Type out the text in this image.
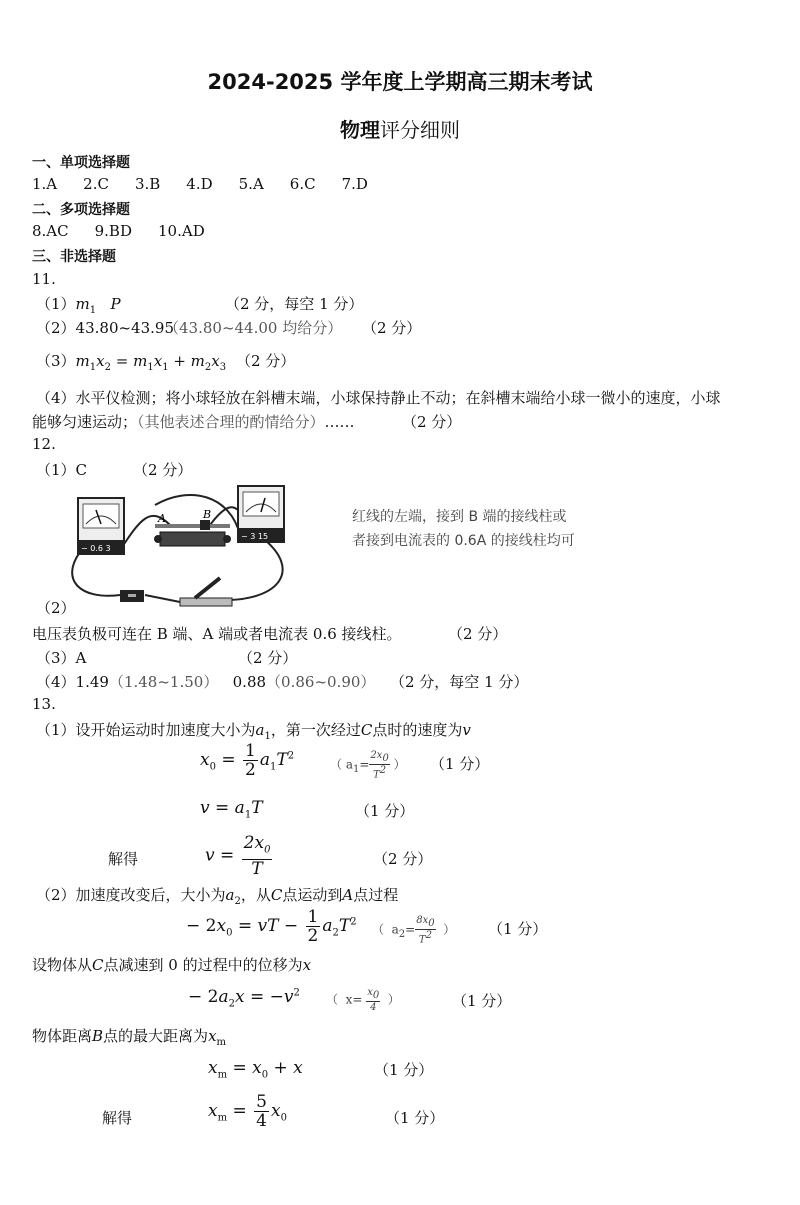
2024-2025 学年度上学期高三期末考试
物理评分细则
一、单项选择题
1.A 2.C 3.B 4.D 5.A 6.C 7.D
二、多项选择题
8.AC 9.BD 10.AD
三、非选择题
11.
$(1)m_1$ P	（2 分，每空 1 分）
（2）43.80~43.95
（43.80~44.00 均给分） （2 分）
$(3)m_1x_2 = m_1x_1 + m_2x_3$ （2 分）
（4）水平仪检测；将小球轻放在斜槽末端，小球保持静止不动；在斜槽末端给小球一微小的速度，小球
能够匀速运动；（其他表述合理的酌情给分）……	（2 分）
12.
（1）C	（2 分）
A	B
− 0.6 3
− 3 15
红线的左端，接到 B 端的接线柱或
者接到电流表的 0.6A 的接线柱均可
（2）
电压表负极可连在 B 端、A 端或者电流表 0.6 接线柱。	（2 分）
（3）A	（2 分）
（4）1.49（1.48~1.50） 0.88（0.86~0.90） （2 分，每空 1 分）
13.
（1）设开始运动时加速度大小为$a_1$，第一次经过C点时的速度为v
$x_0 = \frac{1}{2} a_1T^2$
（ $a_1= \frac{2x_0}{T^2}$ ） （1 分）
$v = a_1T$	（1 分）
解得	$v = \frac{2x_0}{T}$	（2 分）
（2）加速度改变后，大小为$a_2$，从C点运动到A点过程
− $2x_0$ = vT − $\frac{1}{2} a_2T^2$
（  $a_2= \frac{8x_0}{T^2}$ ） （1 分）
设物体从C点减速到 0 的过程中的位移为x
− $2a_2x = -v^2$ （  $x= \frac{x_0}{4}$ ）	（1 分）
物体距离B点的最大距离为$x_m$
$x_m = x_0 + x$	（1 分）
解得	$x_m = \frac{5}{4} x_0$	（1 分）
